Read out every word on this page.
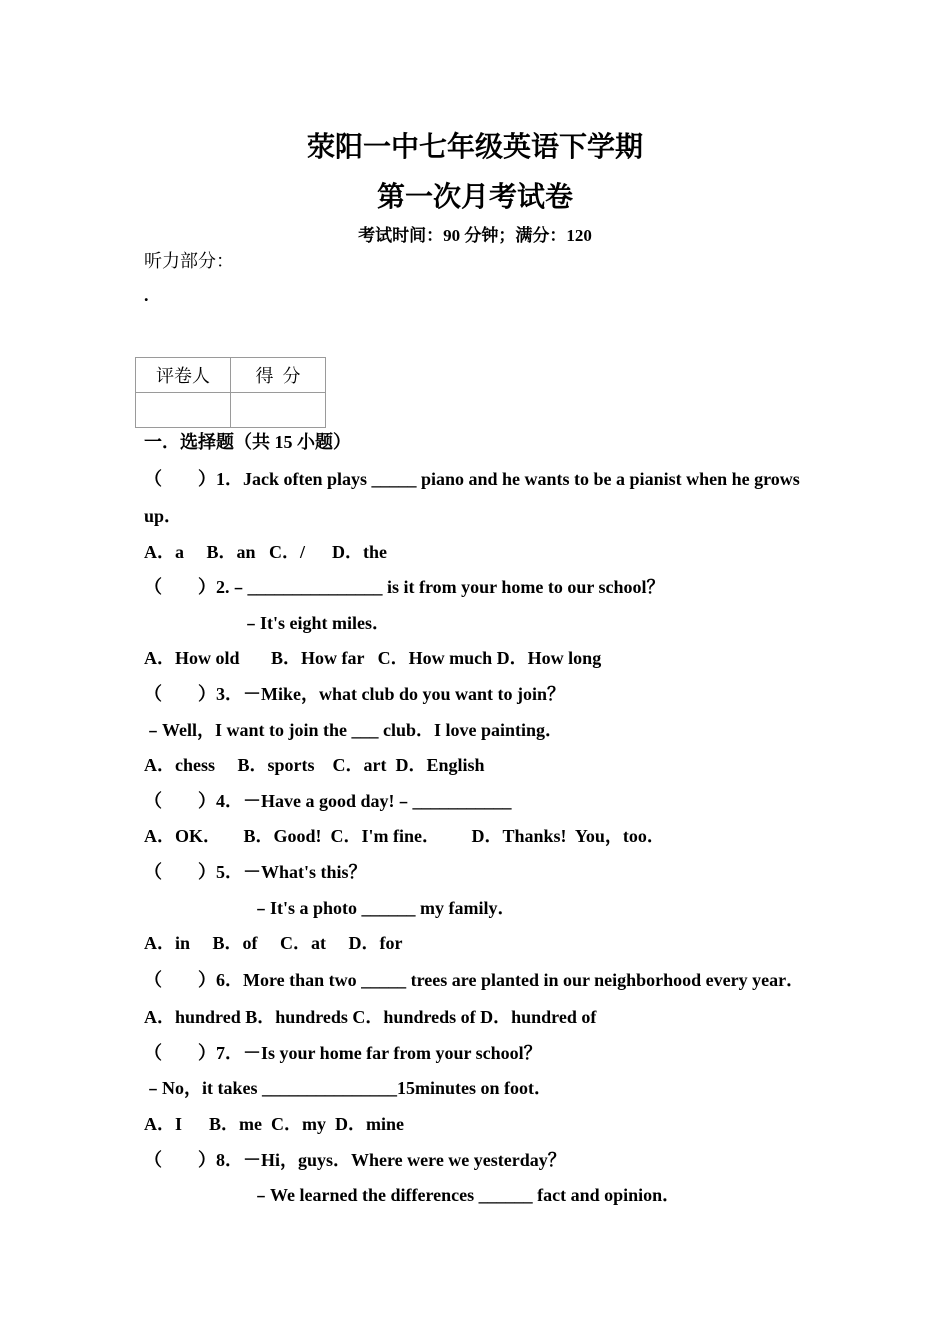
荥阳一中七年级英语下学期
第一次月考试卷
考试时间：90 分钟；满分：120
听力部分：
.
评卷人	得  分

一．选择题（共 15 小题）
（　　）1．Jack often plays _____ piano and he wants to be a pianist when he grows up．
A．a     B．an   C．/      D．the
（　　）2.﹣_______________ is it from your home to our school？
﹣It's eight miles．
A．How old       B．How far   C．How much D．How long
（　　）3．－Mike，what club do you want to join？
﹣Well，I want to join the ___ club．I love painting．
A．chess     B．sports    C．art  D．English
（　　）4．－Have a good day!﹣___________
A．OK．     B．Good!  C．I'm fine．       D．Thanks!  You，too．
（　　）5．－What's this？
﹣It's a photo ______ my family．
A．in     B．of     C．at     D．for
（　　）6．More than two _____ trees are planted in our neighborhood every year． A．hundred B．hundreds C．hundreds of D．hundred of
（　　）7．－Is your home far from your school？
﹣No，it takes _______________15minutes on foot．
A．I      B．me  C．my  D．mine
（　　）8．－Hi，guys．Where were we yesterday？
﹣We learned the differences ______ fact and opinion．
